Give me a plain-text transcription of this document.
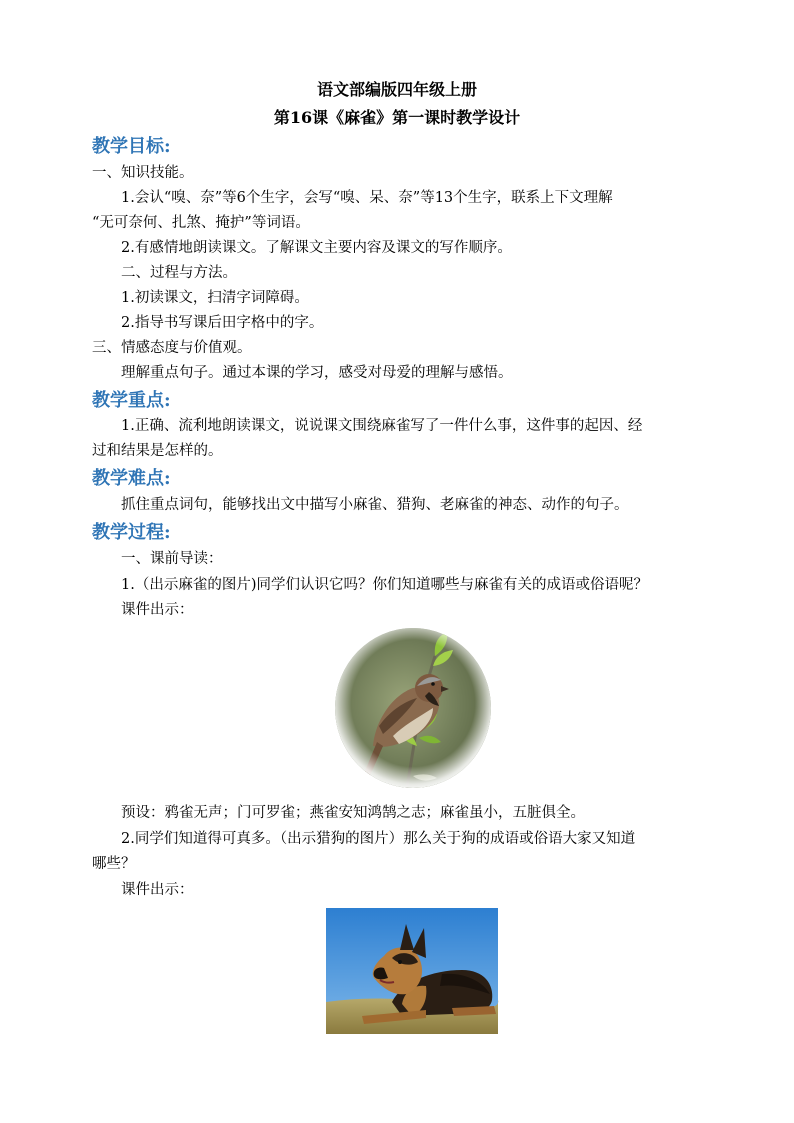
语文部编版四年级上册
第16课《麻雀》第一课时教学设计
教学目标:
一、知识技能。
1.会认“嗅、奈”等6个生字，会写“嗅、呆、奈”等13个生字，联系上下文理解
“无可奈何、扎煞、掩护”等词语。
2.有感情地朗读课文。了解课文主要内容及课文的写作顺序。
二、过程与方法。
1.初读课文，扫清字词障碍。
2.指导书写课后田字格中的字。
三、情感态度与价值观。
理解重点句子。通过本课的学习，感受对母爱的理解与感悟。
教学重点:
1.正确、流利地朗读课文，说说课文围绕麻雀写了一件什么事，这件事的起因、经
过和结果是怎样的。
教学难点:
抓住重点词句，能够找出文中描写小麻雀、猎狗、老麻雀的神态、动作的句子。
教学过程:
一、课前导读：
1.（出示麻雀的图片)同学们认识它吗？你们知道哪些与麻雀有关的成语或俗语呢？
课件出示：
预设：鸦雀无声；门可罗雀；燕雀安知鸿鹄之志；麻雀虽小，五脏俱全。
2.同学们知道得可真多。（出示猎狗的图片）那么关于狗的成语或俗语大家又知道
哪些？
课件出示：
